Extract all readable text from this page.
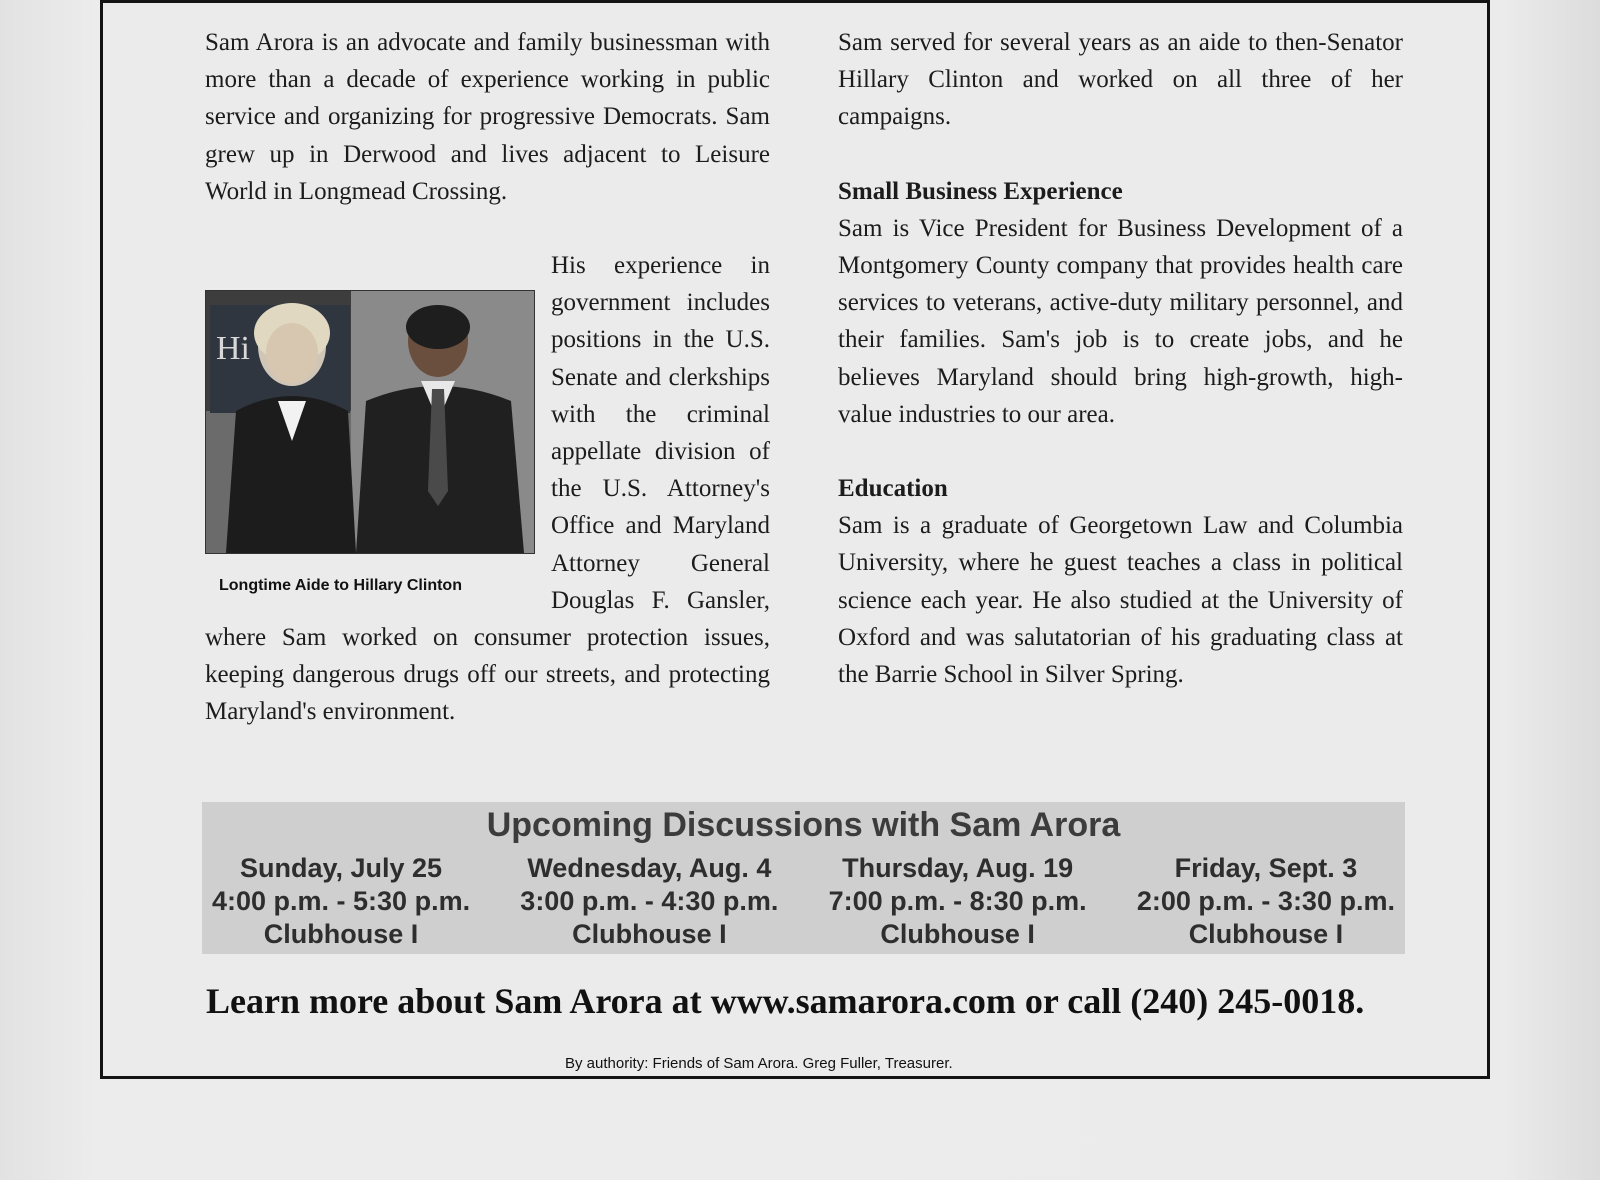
Sam Arora is an advocate and family businessman with more than a decade of experience working in public service and organizing for progressive Democrats. Sam grew up in Derwood and lives adjacent to Leisure World in Longmead Crossing.

Hi
Longtime Aide to Hillary Clinton

His experience in government includes positions in the U.S. Senate and clerkships with the criminal appellate division of the U.S. Attorney's Office and Maryland Attorney General Douglas F. Gansler, where Sam worked on consumer protection issues, keeping dangerous drugs off our streets, and protecting Maryland's environment.

Sam served for several years as an aide to then-Senator Hillary Clinton and worked on all three of her campaigns.

Small Business Experience

Sam is Vice President for Business Development of a Montgomery County company that provides health care services to veterans, active-duty military personnel, and their families. Sam's job is to create jobs, and he believes Maryland should bring high-growth, high-value industries to our area.

Education

Sam is a graduate of Georgetown Law and Columbia University, where he guest teaches a class in political science each year. He also studied at the University of Oxford and was salutatorian of his graduating class at the Barrie School in Silver Spring.

Upcoming Discussions with Sam Arora
Sunday, July 25
4:00 p.m. - 5:30 p.m.
Clubhouse I
Wednesday, Aug. 4
3:00 p.m. - 4:30 p.m.
Clubhouse I
Thursday, Aug. 19
7:00 p.m. - 8:30 p.m.
Clubhouse I
Friday, Sept. 3
2:00 p.m. - 3:30 p.m.
Clubhouse I
Learn more about Sam Arora at www.samarora.com or call (240) 245-0018.
By authority: Friends of Sam Arora. Greg Fuller, Treasurer.
